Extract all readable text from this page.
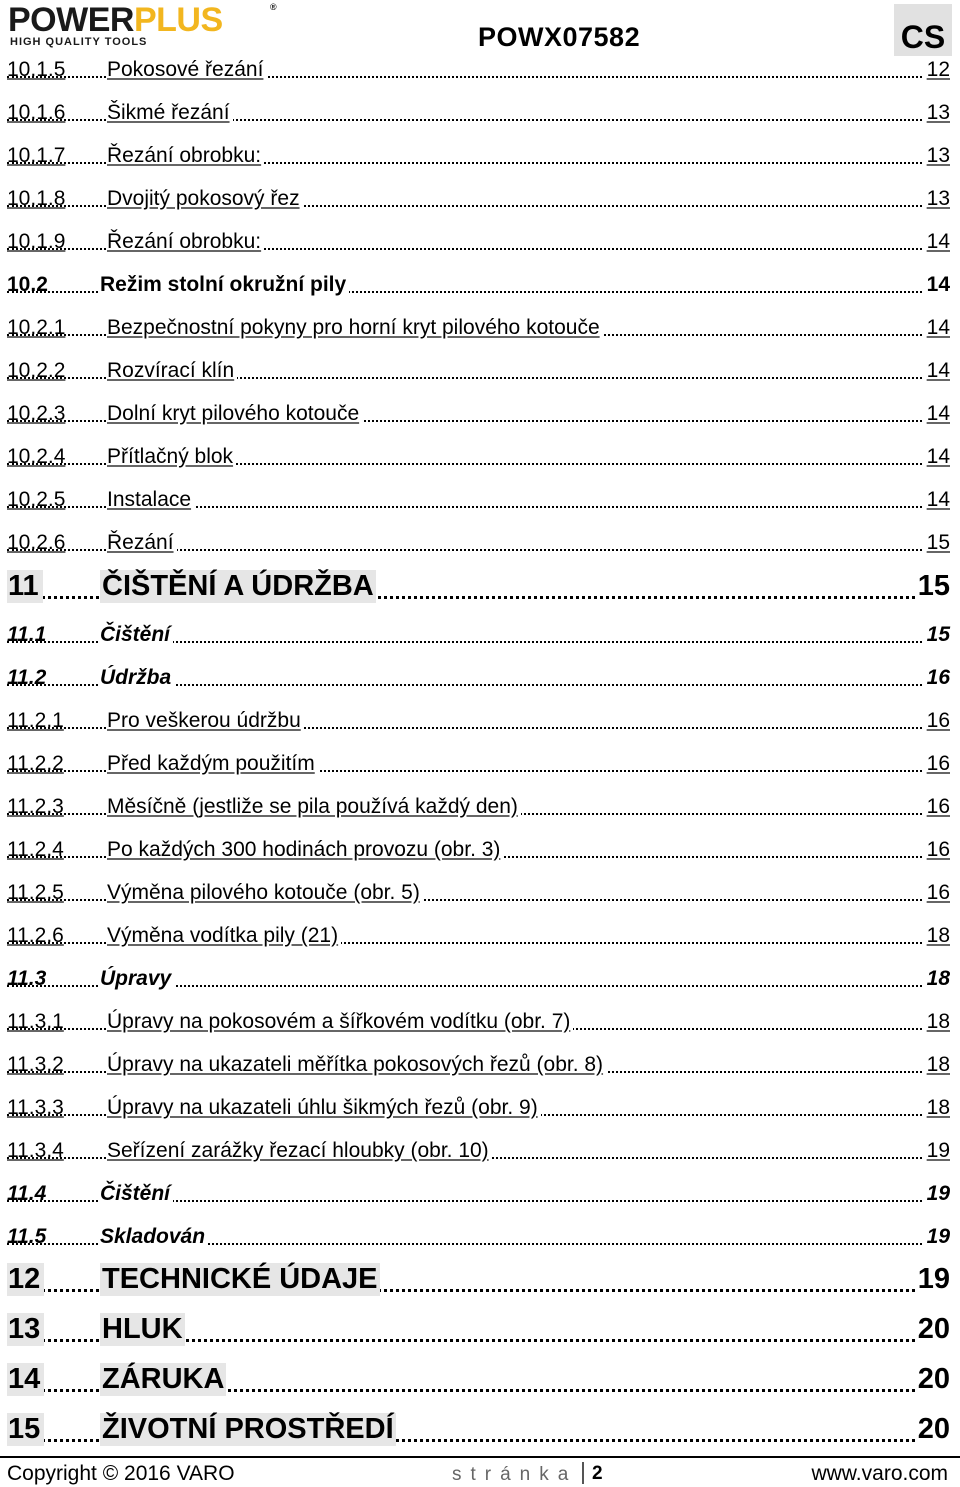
POWERPLUS	®
HIGH QUALITY TOOLS	POWX07582	CS
10.1.5 Pokosové řezání	12
10.1.6 Šikmé řezání	13
10.1.7 Řezání obrobku:	13
10.1.8 Dvojitý pokosový řez	13
10.1.9 Řezání obrobku:	14
10.2 Režim stolní okružní pily	14
10.2.1 Bezpečnostní pokyny pro horní kryt pilového kotouče	14
10.2.2 Rozvírací klín	14
10.2.3 Dolní kryt pilového kotouče	14
10.2.4 Přítlačný blok	14
10.2.5 Instalace	14
10.2.6 Řezání	15
11 ČIŠTĚNÍ A ÚDRŽBA	15
11.1	Čištění	15
11.2	Údržba	16
11.2.1 Pro veškerou údržbu	16
11.2.2 Před každým použitím	16
11.2.3 Měsíčně (jestliže se pila používá každý den)	16
11.2.4 Po každých 300 hodinách provozu (obr. 3)	16
11.2.5 Výměna pilového kotouče (obr. 5)	16
11.2.6 Výměna vodítka pily (21)	18
11.3	Úpravy	18
11.3.1 Úpravy na pokosovém a šířkovém vodítku (obr. 7)	18
11.3.2 Úpravy na ukazateli měřítka pokosových řezů (obr. 8)	18
11.3.3 Úpravy na ukazateli úhlu šikmých řezů (obr. 9)	18
11.3.4 Seřízení zarážky řezací hloubky (obr. 10)	19
11.4	Čištění	19
11.5	Skladován	19
12 TECHNICKÉ ÚDAJE	19
13 HLUK	20
14 ZÁRUKA	20
15 ŽIVOTNÍ PROSTŘEDÍ	20
Copyright © 2016 VARO	stránka 2	www.varo.com
